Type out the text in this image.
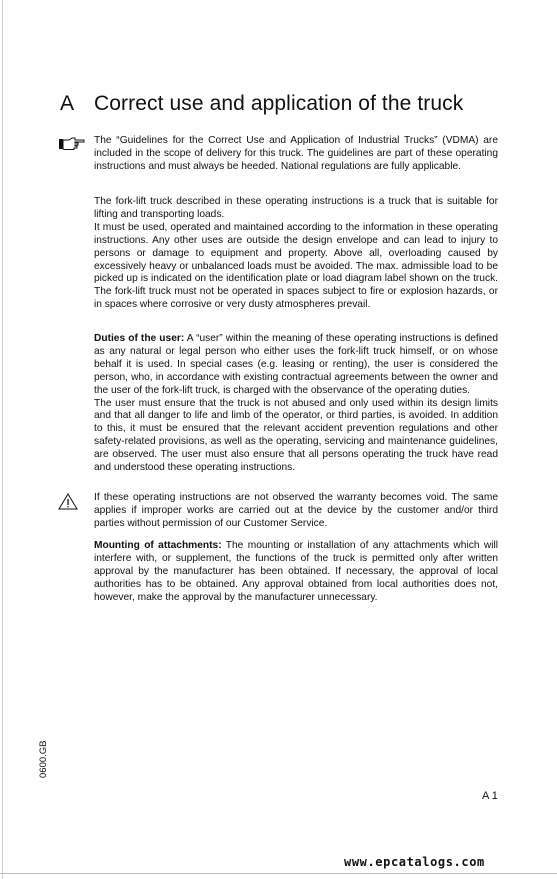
A Correct use and application of the truck

The “Guidelines for the Correct Use and Application of Industrial Trucks” (VDMA) are included in the scope of delivery for this truck. The guidelines are part of these operating instructions and must always be heeded. National regulations are fully applicable.

The fork-lift truck described in these operating instructions is a truck that is suitable for lifting and transporting loads.

It must be used, operated and maintained according to the information in these operating instructions. Any other uses are outside the design envelope and can lead to injury to persons or damage to equipment and property. Above all, overloading caused by excessively heavy or unbalanced loads must be avoided. The max. admissible load to be picked up is indicated on the identification plate or load diagram label shown on the truck. The fork-lift truck must not be operated in spaces subject to fire or explosion hazards, or in spaces where corrosive or very dusty atmospheres prevail.

Duties of the user: A “user” within the meaning of these operating instructions is defined as any natural or legal person who either uses the fork-lift truck himself, or on whose behalf it is used. In special cases (e.g. leasing or renting), the user is considered the person, who, in accordance with existing contractual agreements between the owner and the user of the fork-lift truck, is charged with the observance of the operating duties.

The user must ensure that the truck is not abused and only used within its design limits and that all danger to life and limb of the operator, or third parties, is avoided. In addition to this, it must be ensured that the relevant accident prevention regulations and other safety-related provisions, as well as the operating, servicing and maintenance guidelines, are observed. The user must also ensure that all persons operating the truck have read and understood these operating instructions.

If these operating instructions are not observed the warranty becomes void. The same applies if improper works are carried out at the device by the customer and/or third parties without permission of our Customer Service.

Mounting of attachments: The mounting or installation of any attachments which will interfere with, or supplement, the functions of the truck is permitted only after written approval by the manufacturer has been obtained. If necessary, the approval of local authorities has to be obtained. Any approval obtained from local authorities does not, however, make the approval by the manufacturer unnecessary.

0600.GB
A 1
www.epcatalogs.com
